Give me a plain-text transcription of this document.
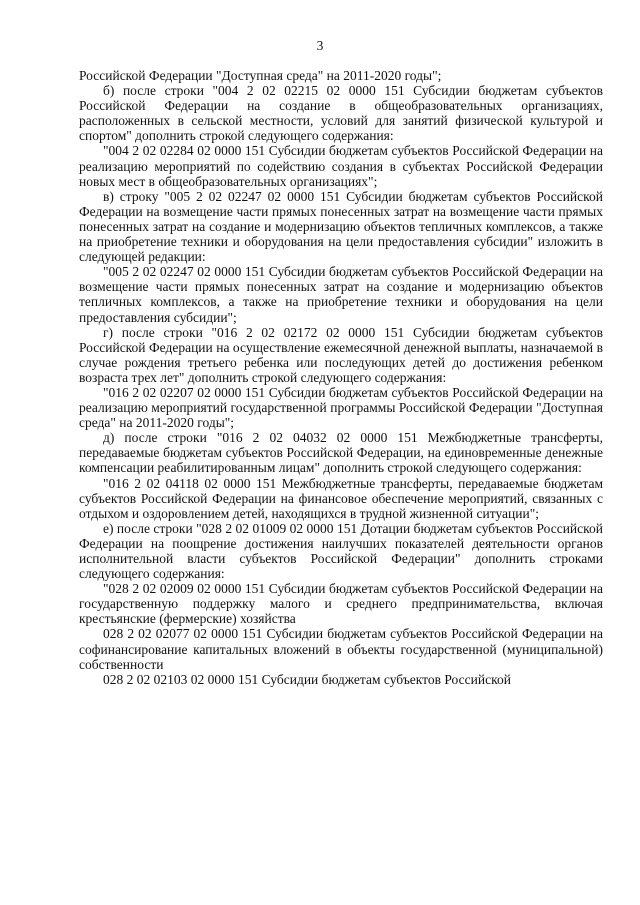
3

Российской Федерации "Доступная среда" на 2011-2020 годы";

б) после строки "004 2 02 02215 02 0000 151 Субсидии бюджетам субъектов Российской Федерации на создание в общеобразовательных организациях, расположенных в сельской местности, условий для занятий физической культурой и спортом" дополнить строкой следующего содержания:

"004 2 02 02284 02 0000 151 Субсидии бюджетам субъектов Российской Федерации на реализацию мероприятий по содействию создания в субъектах Российской Федерации новых мест в общеобразовательных организациях";

в) строку "005 2 02 02247 02 0000 151 Субсидии бюджетам субъектов Российской Федерации на возмещение части прямых понесенных затрат на возмещение части прямых понесенных затрат на создание и модернизацию объектов тепличных комплексов, а также на приобретение техники и оборудования на цели предоставления субсидии" изложить в следующей редакции:

"005 2 02 02247 02 0000 151 Субсидии бюджетам субъектов Российской Федерации на возмещение части прямых понесенных затрат на создание и модернизацию объектов тепличных комплексов, а также на приобретение техники и оборудования на цели предоставления субсидии";

г) после строки "016 2 02 02172 02 0000 151 Субсидии бюджетам субъектов Российской Федерации на осуществление ежемесячной денежной выплаты, назначаемой в случае рождения третьего ребенка или последующих детей до достижения ребенком возраста трех лет" дополнить строкой следующего содержания:

"016 2 02 02207 02 0000 151 Субсидии бюджетам субъектов Российской Федерации на реализацию мероприятий государственной программы Российской Федерации "Доступная среда" на 2011-2020 годы";

д) после строки "016 2 02 04032 02 0000 151 Межбюджетные трансферты, передаваемые бюджетам субъектов Российской Федерации, на единовременные денежные компенсации реабилитированным лицам" дополнить строкой следующего содержания:

"016 2 02 04118 02 0000 151 Межбюджетные трансферты, передаваемые бюджетам субъектов Российской Федерации на финансовое обеспечение мероприятий, связанных с отдыхом и оздоровлением детей, находящихся в трудной жизненной ситуации";

е) после строки "028 2 02 01009 02 0000 151 Дотации бюджетам субъектов Российской Федерации на поощрение достижения наилучших показателей деятельности органов исполнительной власти субъектов Российской Федерации" дополнить строками следующего содержания:

"028 2 02 02009 02 0000 151 Субсидии бюджетам субъектов Российской Федерации на государственную поддержку малого и среднего предпринимательства, включая крестьянские (фермерские) хозяйства

028 2 02 02077 02 0000 151 Субсидии бюджетам субъектов Российской Федерации на софинансирование капитальных вложений в объекты государственной (муниципальной) собственности

028 2 02 02103 02 0000 151 Субсидии бюджетам субъектов Российской
